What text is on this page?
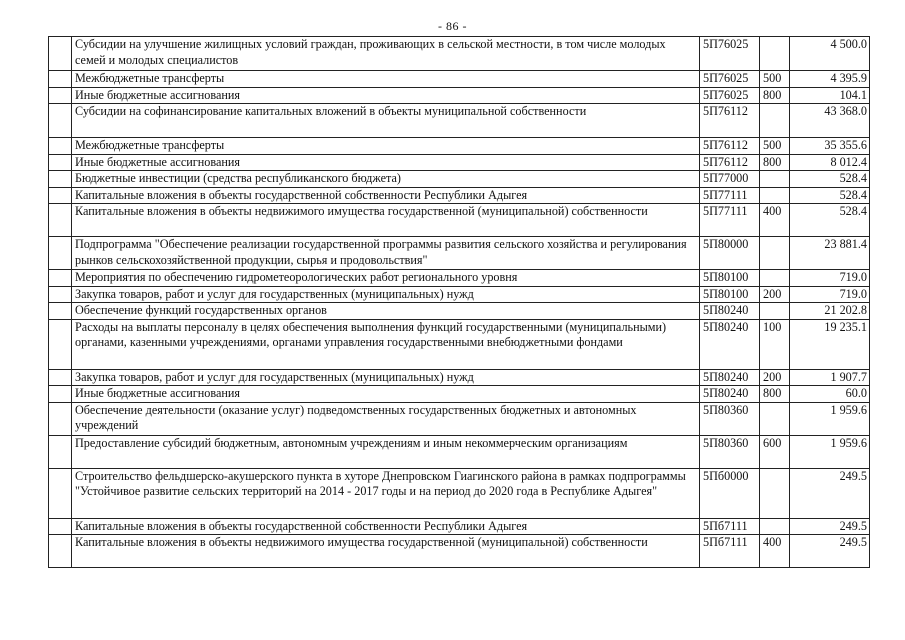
- 86 -
	Субсидии на улучшение жилищных условий граждан, проживающих в сельской местности, в том числе молодых семей и молодых специалистов	5П76025		4 500.0
	Межбюджетные трансферты	5П76025	500	4 395.9
	Иные бюджетные ассигнования	5П76025	800	104.1
	Субсидии на софинансирование капитальных вложений в объекты муниципальной собственности	5П76112		43 368.0
	Межбюджетные трансферты	5П76112	500	35 355.6
	Иные бюджетные ассигнования	5П76112	800	8 012.4
	Бюджетные инвестиции (средства республиканского бюджета)	5П77000		528.4
	Капитальные вложения в объекты государственной собственности Республики Адыгея	5П77111		528.4
	Капитальные вложения в объекты недвижимого имущества государственной (муниципальной) собственности	5П77111	400	528.4
	Подпрограмма "Обеспечение реализации государственной программы развития сельского хозяйства и регулирования рынков сельскохозяйственной продукции, сырья и продовольствия"	5П80000		23 881.4
	Мероприятия по обеспечению гидрометеорологических работ регионального уровня	5П80100		719.0
	Закупка товаров, работ и услуг для государственных (муниципальных) нужд	5П80100	200	719.0
	Обеспечение функций государственных органов	5П80240		21 202.8
	Расходы на выплаты персоналу в целях обеспечения выполнения функций государственными (муниципальными) органами, казенными учреждениями, органами управления государственными внебюджетными фондами	5П80240	100	19 235.1
	Закупка товаров, работ и услуг для государственных (муниципальных) нужд	5П80240	200	1 907.7
	Иные бюджетные ассигнования	5П80240	800	60.0
	Обеспечение деятельности (оказание услуг) подведомственных государственных бюджетных и автономных учреждений	5П80360		1 959.6
	Предоставление субсидий бюджетным, автономным учреждениям и иным некоммерческим организациям	5П80360	600	1 959.6
	Строительство фельдшерско-акушерского пункта в хуторе Днепровском Гиагинского района в рамках подпрограммы "Устойчивое развитие сельских территорий на 2014 - 2017 годы и на период до 2020 года в Республике Адыгея"	5Пб0000		249.5
	Капитальные вложения в объекты государственной собственности Республики Адыгея	5Пб7111		249.5
	Капитальные вложения в объекты недвижимого имущества государственной (муниципальной) собственности	5Пб7111	400	249.5
